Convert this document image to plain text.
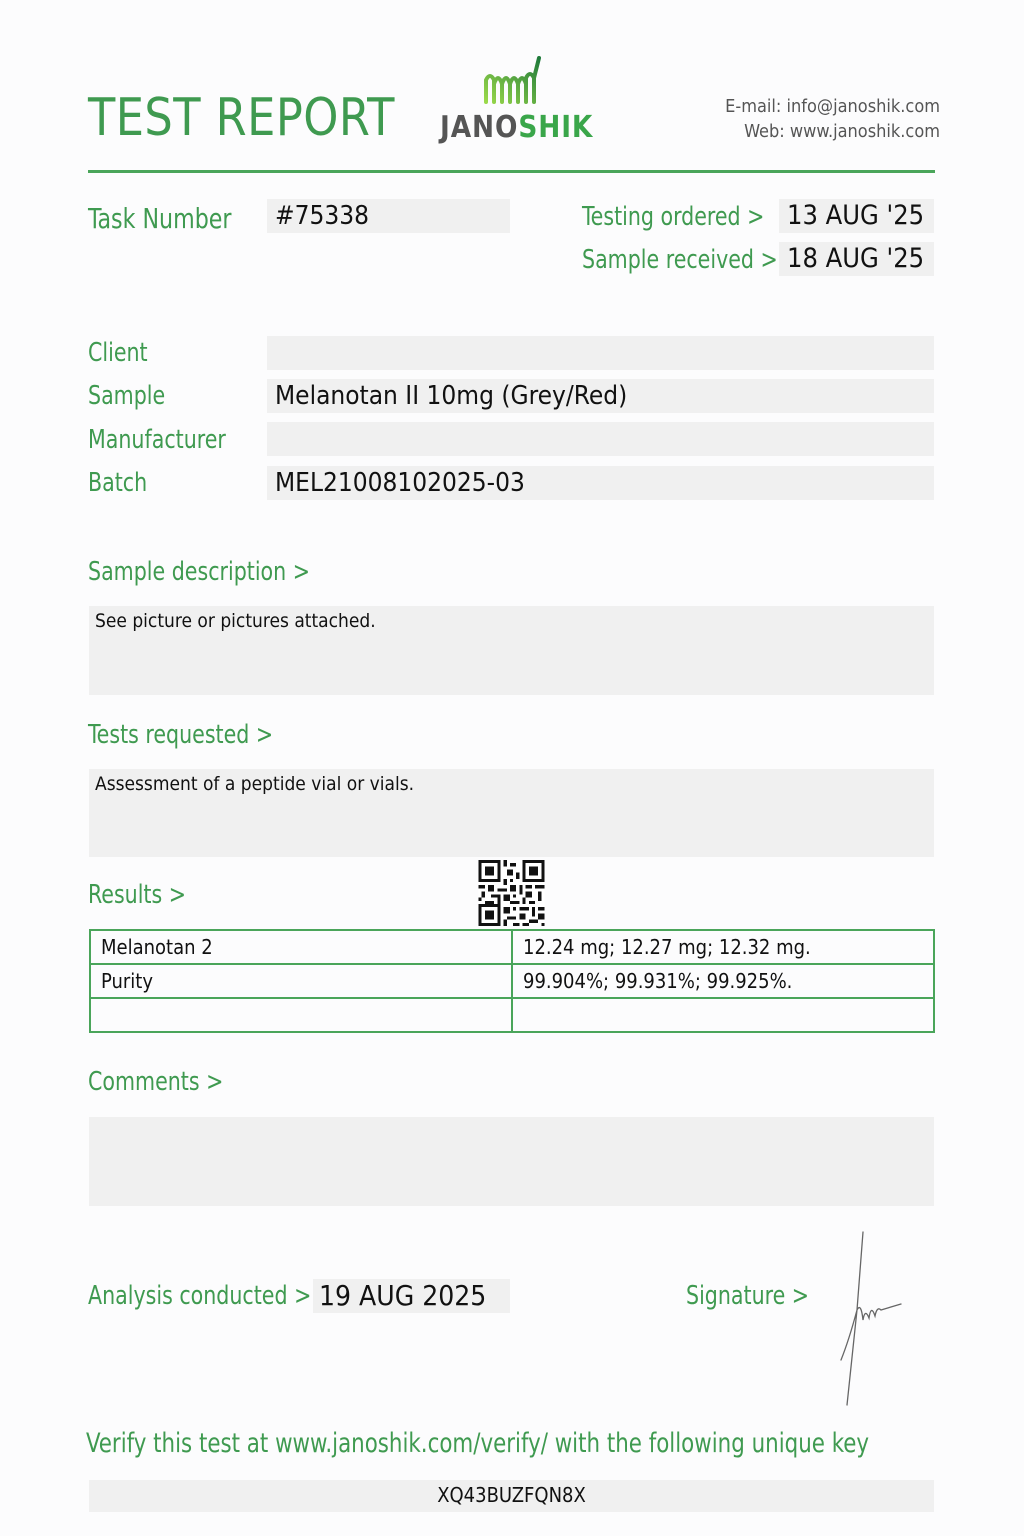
TEST REPORT JANOSHIK
E-mail: info@janoshik.com
Web: www.janoshik.com
Task Number	#75338	Testing ordered > 13 AUG '25
Sample received > 18 AUG '25
Client
Sample	Melanotan II 10mg (Grey/Red)
Manufacturer
Batch	MEL21008102025-03
Sample description >
See picture or pictures attached.
Tests requested >
Assessment of a peptide vial or vials.
Results >
Melanotan 2	12.24 mg; 12.27 mg; 12.32 mg.
Purity	99.904%; 99.931%; 99.925%.

Comments >
Analysis conducted > 19 AUG 2025	Signature >
Verify this test at www.janoshik.com/verify/ with the following unique key
XQ43BUZFQN8X
